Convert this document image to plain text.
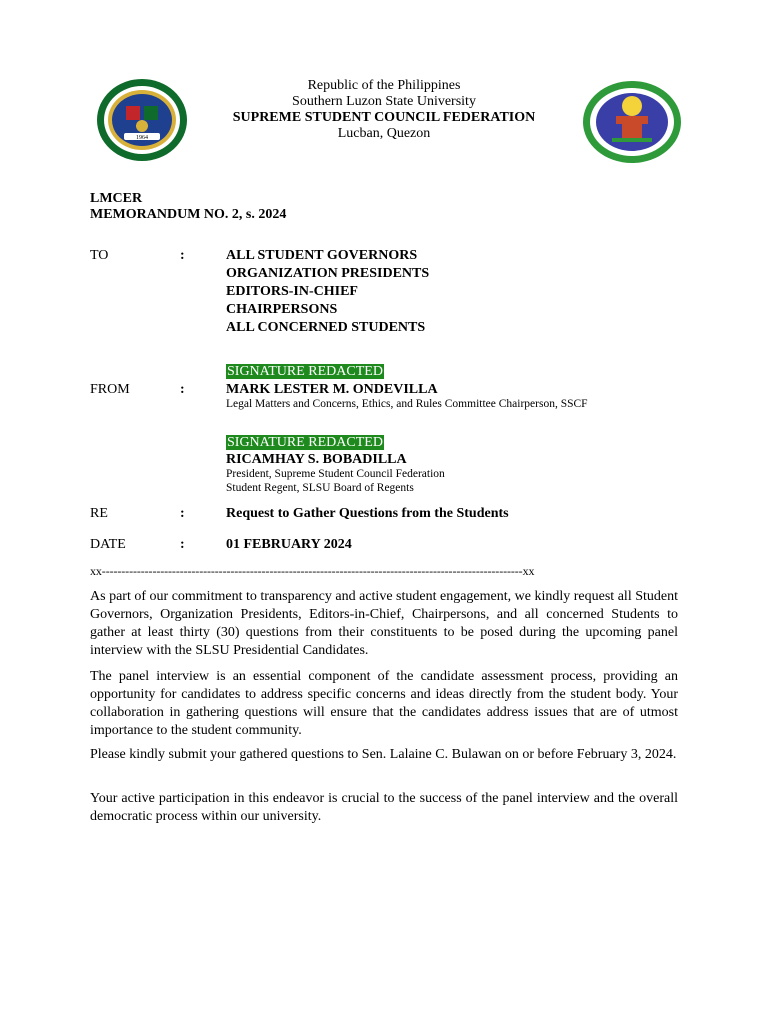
1964
Republic of the Philippines
Southern Luzon State University
SUPREME STUDENT COUNCIL FEDERATION
Lucban, Quezon
LMCER
MEMORANDUM NO. 2, s. 2024
TO	:	ALL STUDENT GOVERNORS
ORGANIZATION PRESIDENTS
EDITORS-IN-CHIEF
CHAIRPERSONS
ALL CONCERNED STUDENTS
SIGNATURE REDACTED
FROM	:	MARK LESTER M. ONDEVILLA
Legal Matters and Concerns, Ethics, and Rules Committee Chairperson, SSCF
SIGNATURE REDACTED
RICAMHAY S. BOBADILLA
President, Supreme Student Council Federation
Student Regent, SLSU Board of Regents
RE	:	Request to Gather Questions from the Students
DATE	:	01 FEBRUARY 2024
xx------------------------------------------------------------------------------------------------------------xx

As part of our commitment to transparency and active student engagement, we kindly request all Student Governors, Organization Presidents, Editors-in-Chief, Chairpersons, and all concerned Students to gather at least thirty (30) questions from their constituents to be posed during the upcoming panel interview with the SLSU Presidential Candidates.

The panel interview is an essential component of the candidate assessment process, providing an opportunity for candidates to address specific concerns and ideas directly from the student body. Your collaboration in gathering questions will ensure that the candidates address issues that are of utmost importance to the student community.

Please kindly submit your gathered questions to Sen. Lalaine C. Bulawan on or before February 3, 2024.

Your active participation in this endeavor is crucial to the success of the panel interview and the overall democratic process within our university.
